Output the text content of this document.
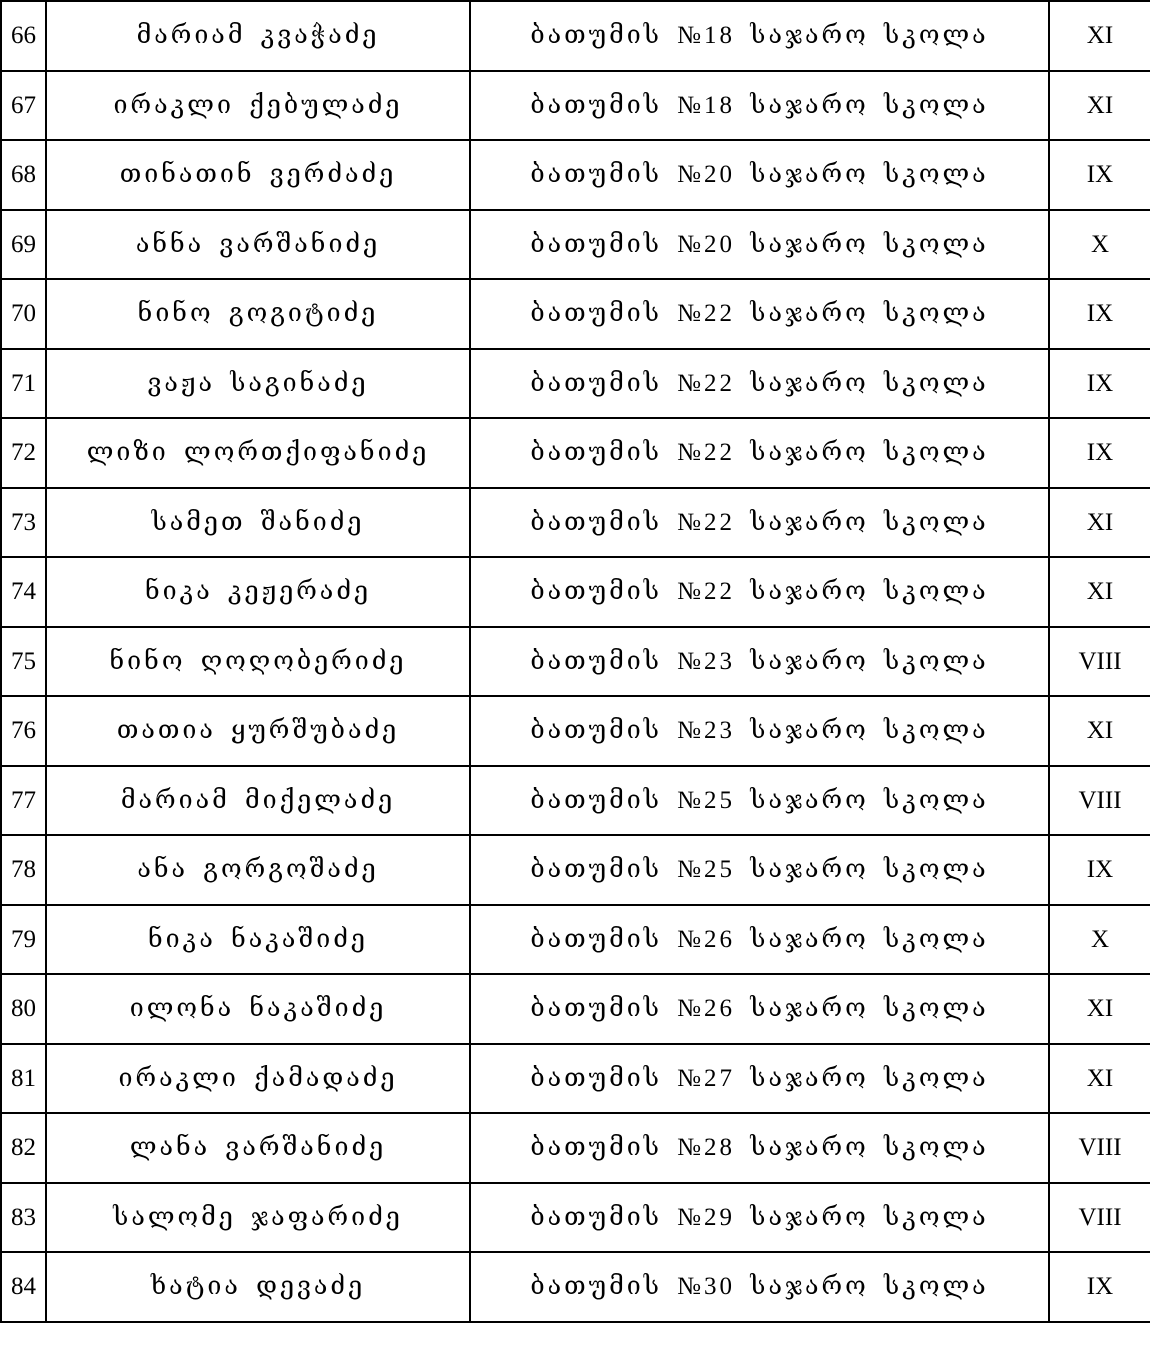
66	მარიამ კვაჭაძე	ბათუმის №18 საჯარო სკოლა	XI
67	ირაკლი ქებულაძე	ბათუმის №18 საჯარო სკოლა	XI
68	თინათინ ვერძაძე	ბათუმის №20 საჯარო სკოლა	IX
69	ანნა ვარშანიძე	ბათუმის №20 საჯარო სკოლა	X
70	ნინო გოგიტიძე	ბათუმის №22 საჯარო სკოლა	IX
71	ვაჟა საგინაძე	ბათუმის №22 საჯარო სკოლა	IX
72	ლიზი ლორთქიფანიძე	ბათუმის №22 საჯარო სკოლა	IX
73	სამეთ შანიძე	ბათუმის №22 საჯარო სკოლა	XI
74	ნიკა კეჟერაძე	ბათუმის №22 საჯარო სკოლა	XI
75	ნინო ღოღობერიძე	ბათუმის №23 საჯარო სკოლა	VIII
76	თათია ყურშუბაძე	ბათუმის №23 საჯარო სკოლა	XI
77	მარიამ მიქელაძე	ბათუმის №25 საჯარო სკოლა	VIII
78	ანა გორგოშაძე	ბათუმის №25 საჯარო სკოლა	IX
79	ნიკა ნაკაშიძე	ბათუმის №26 საჯარო სკოლა	X
80	ილონა ნაკაშიძე	ბათუმის №26 საჯარო სკოლა	XI
81	ირაკლი ქამადაძე	ბათუმის №27 საჯარო სკოლა	XI
82	ლანა ვარშანიძე	ბათუმის №28 საჯარო სკოლა	VIII
83	სალომე ჯაფარიძე	ბათუმის №29 საჯარო სკოლა	VIII
84	ხატია დევაძე	ბათუმის №30 საჯარო სკოლა	IX
